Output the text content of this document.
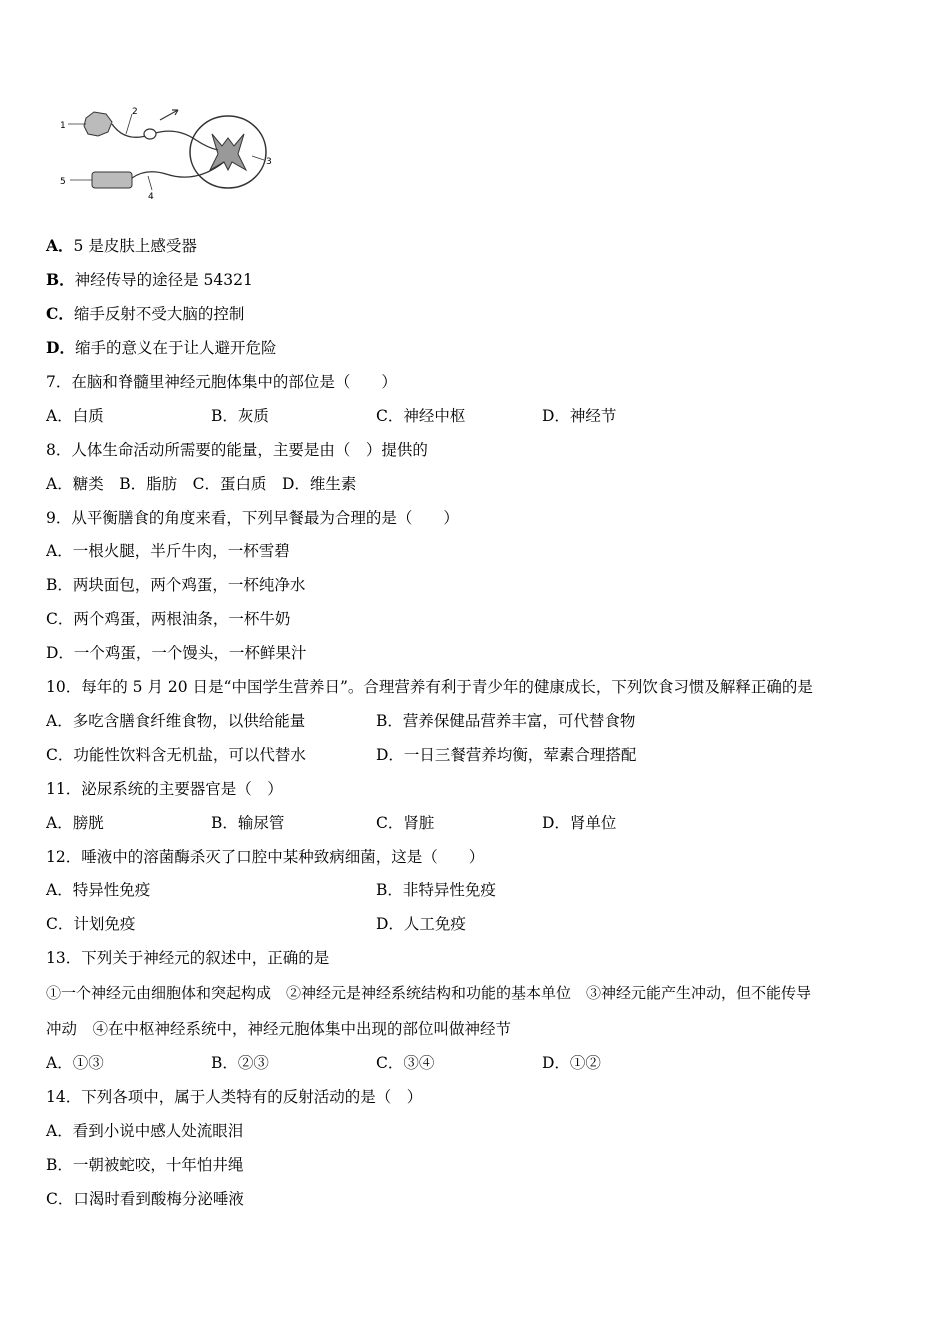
1
2
3
4
5
A．5 是皮肤上感受器
B．神经传导的途径是 54321
C．缩手反射不受大脑的控制
D．缩手的意义在于让人避开危险
7．在脑和脊髓里神经元胞体集中的部位是（　　）
A．白质	B．灰质	C．神经中枢	D．神经节
8．人体生命活动所需要的能量，主要是由（　）提供的
A．糖类　B．脂肪　C．蛋白质　D．维生素
9．从平衡膳食的角度来看，下列早餐最为合理的是（　　）
A．一根火腿，半斤牛肉，一杯雪碧
B．两块面包，两个鸡蛋，一杯纯净水
C．两个鸡蛋，两根油条，一杯牛奶
D．一个鸡蛋，一个馒头，一杯鲜果汁
10．每年的 5 月 20 日是“中国学生营养日”。合理营养有利于青少年的健康成长，下列饮食习惯及解释正确的是
A．多吃含膳食纤维食物，以供给能量	B．营养保健品营养丰富，可代替食物
C．功能性饮料含无机盐，可以代替水	D．一日三餐营养均衡，荤素合理搭配
11．泌尿系统的主要器官是（　）
A．膀胱	B．输尿管	C．肾脏	D．肾单位
12．唾液中的溶菌酶杀灭了口腔中某种致病细菌，这是（　　）
A．特异性免疫	B．非特异性免疫
C．计划免疫	D．人工免疫
13．下列关于神经元的叙述中，正确的是
①一个神经元由细胞体和突起构成　②神经元是神经系统结构和功能的基本单位　③神经元能产生冲动，但不能传导
冲动　④在中枢神经系统中，神经元胞体集中出现的部位叫做神经节
A．①③	B．②③	C．③④	D．①②
14．下列各项中，属于人类特有的反射活动的是（　）
A．看到小说中感人处流眼泪
B．一朝被蛇咬，十年怕井绳
C．口渴时看到酸梅分泌唾液
